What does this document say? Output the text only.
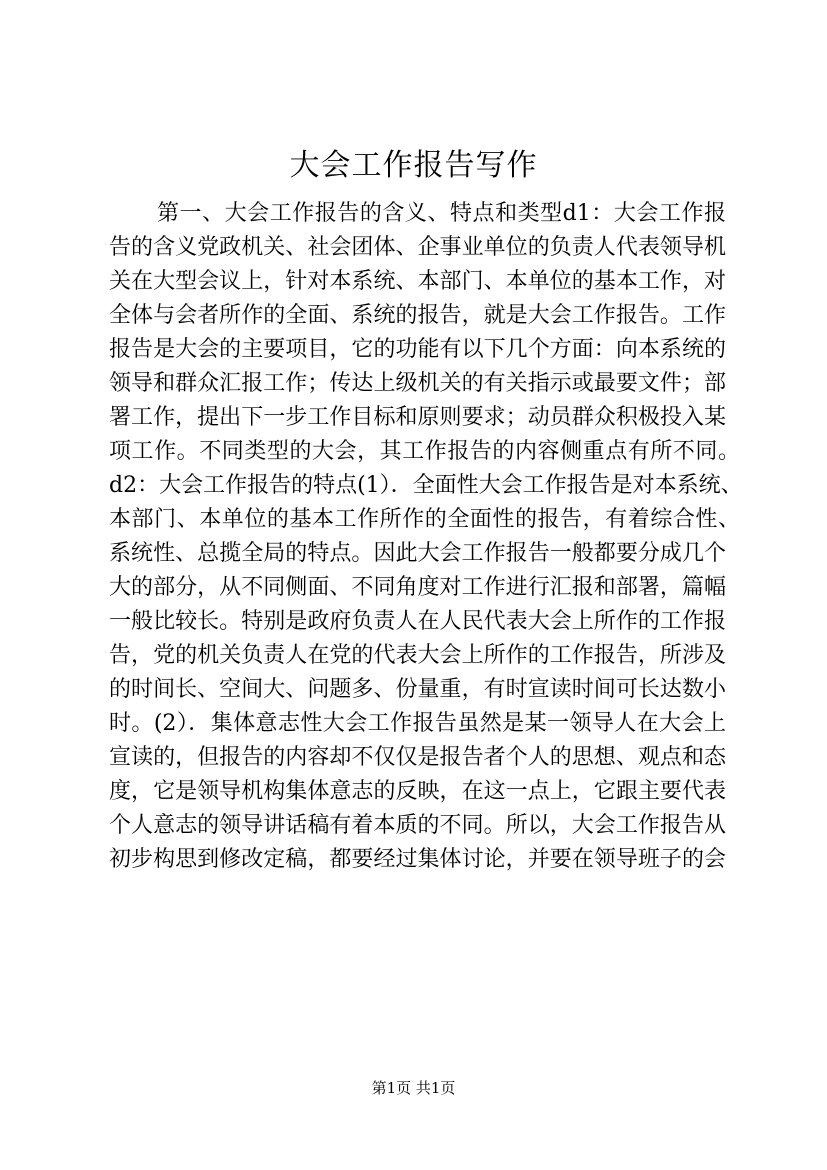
大会工作报告写作
第一、大会工作报告的含义、特点和类型d1：大会工作报
告的含义党政机关、社会团体、企事业单位的负责人代表领导机
关在大型会议上，针对本系统、本部门、本单位的基本工作，对
全体与会者所作的全面、系统的报告，就是大会工作报告。工作
报告是大会的主要项目，它的功能有以下几个方面：向本系统的
领导和群众汇报工作；传达上级机关的有关指示或最要文件；部
署工作，提出下一步工作目标和原则要求；动员群众积极投入某
项工作。不同类型的大会，其工作报告的内容侧重点有所不同。
d2：大会工作报告的特点(1）．全面性大会工作报告是对本系统、
本部门、本单位的基本工作所作的全面性的报告，有着综合性、
系统性、总揽全局的特点。因此大会工作报告一般都要分成几个
大的部分，从不同侧面、不同角度对工作进行汇报和部署，篇幅
一般比较长。特别是政府负责人在人民代表大会上所作的工作报
告，党的机关负责人在党的代表大会上所作的工作报告，所涉及
的时间长、空间大、问题多、份量重，有时宣读时间可长达数小
时。(2）．集体意志性大会工作报告虽然是某一领导人在大会上
宣读的，但报告的内容却不仅仅是报告者个人的思想、观点和态
度，它是领导机构集体意志的反映，在这一点上，它跟主要代表
个人意志的领导讲话稿有着本质的不同。所以，大会工作报告从
初步构思到修改定稿，都要经过集体讨论，并要在领导班子的会
第1页 共1页
